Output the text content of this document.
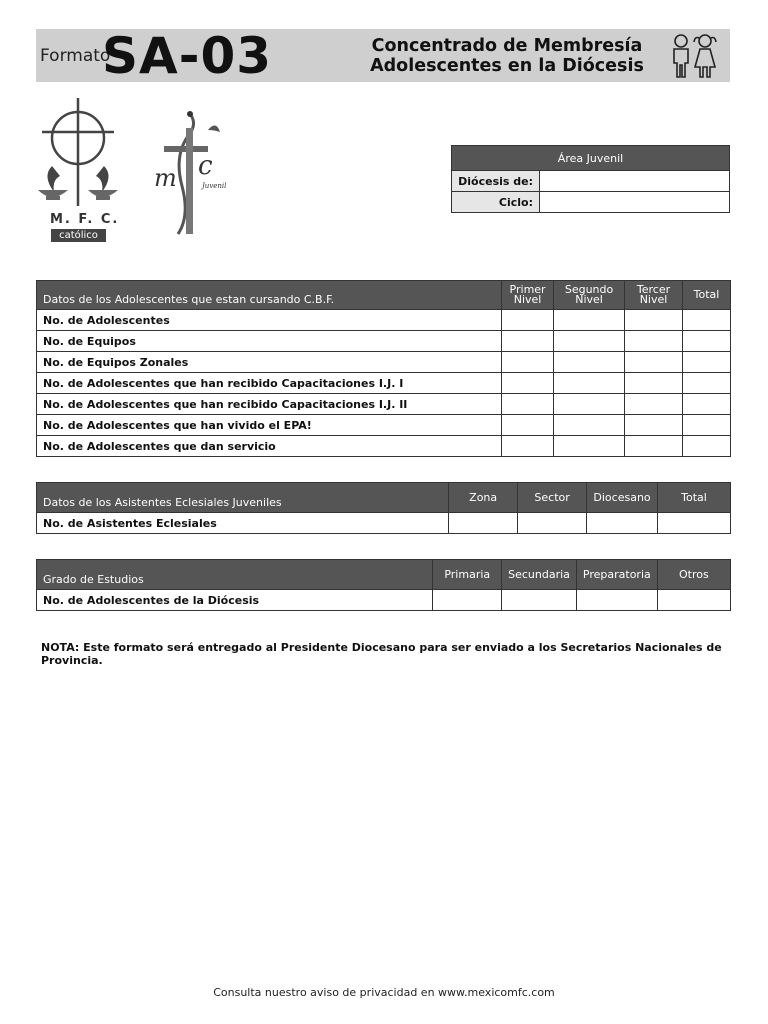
Formato
SA-03	Concentrado de Membresía
Adolescentes en la Diócesis
M. F. C.
católico
m c
Juvenil
Área Juvenil	
Diócesis de:	
Ciclo:	
Datos de los Adolescentes que estan cursando C.B.F.	Primer Nivel	Segundo Nivel	Tercer Nivel	Total
No. de Adolescentes				
No. de Equipos				
No. de Equipos Zonales				
No. de Adolescentes que han recibido Capacitaciones I.J. I				
No. de Adolescentes que han recibido Capacitaciones I.J. II				
No. de Adolescentes que han vivido el EPA!				
No. de Adolescentes que dan servicio				
Datos de los Asistentes Eclesiales Juveniles	Zona	Sector	Diocesano	Total
No. de Asistentes Eclesiales				
Grado de Estudios	Primaria	Secundaria	Preparatoria	Otros
No. de Adolescentes de la Diócesis				
NOTA: Este formato será entregado al Presidente Diocesano para ser enviado a los Secretarios Nacionales de Provincia.
Consulta nuestro aviso de privacidad en www.mexicomfc.com
